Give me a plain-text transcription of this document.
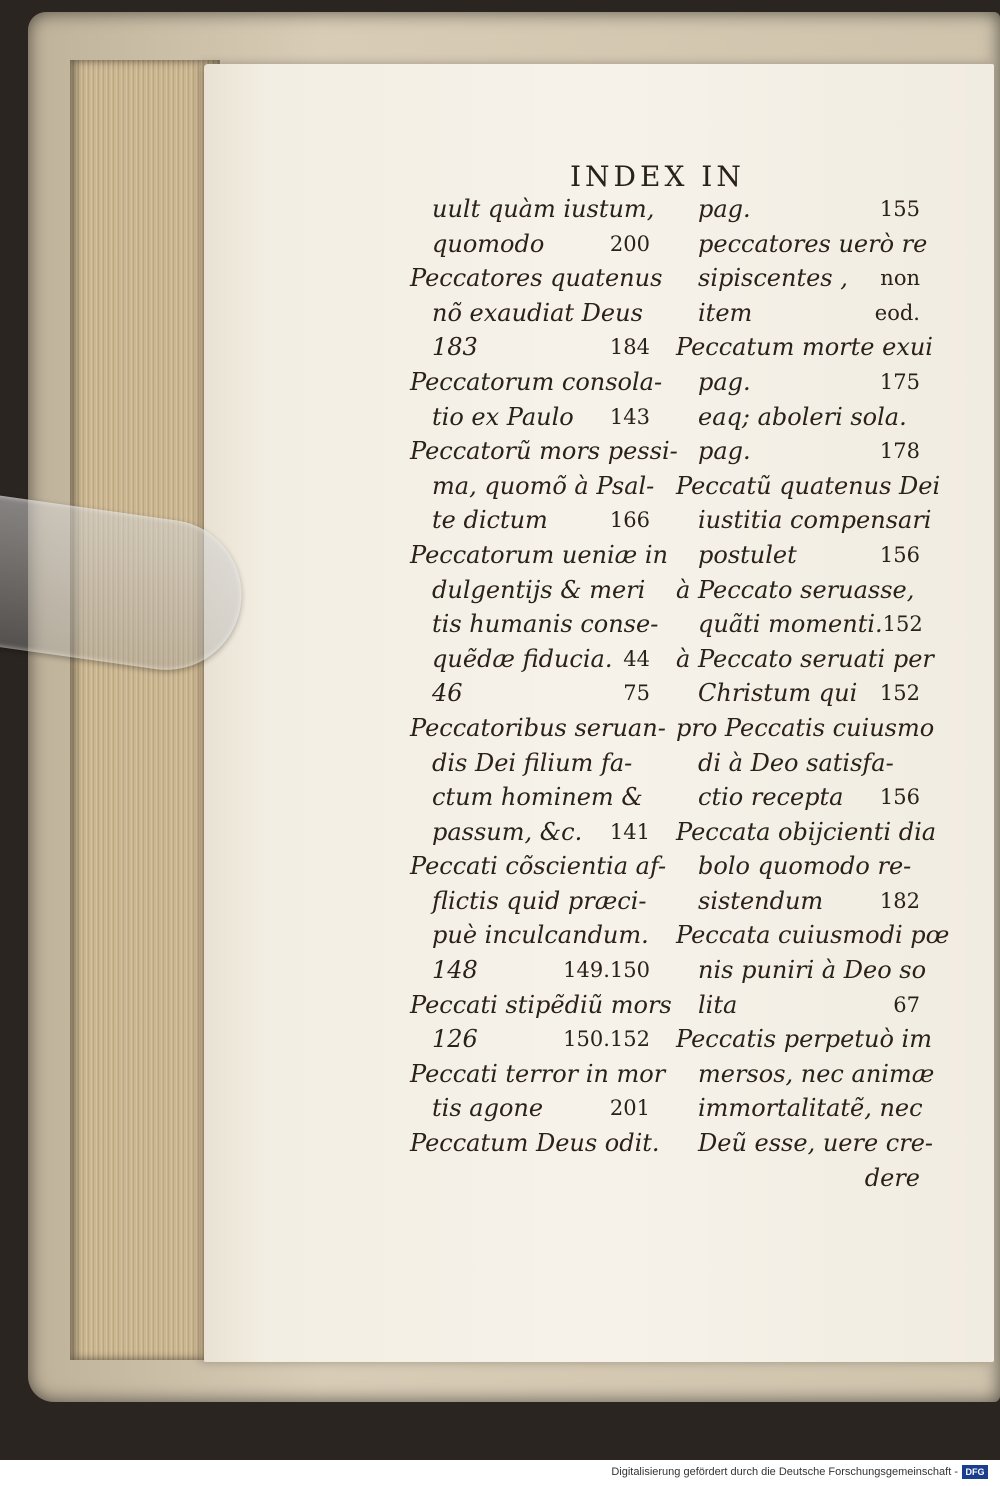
INDEX IN
uult quàm iustum,
quomodo	200
Peccatores quatenus
nõ exaudiat Deus
183	184
Peccatorum consola-
tio ex Paulo 143
Peccatorũ mors pessi-
ma, quomõ à Psal-
te dictum	166
Peccatorum ueniæ in
dulgentijs & meri
tis humanis conse-
quẽdæ fiducia. 44
46	75
Peccatoribus seruan-
dis Dei filium fa-
ctum hominem &
passum, &c. 141
Peccati cõscientia af-
flictis quid præci-
puè inculcandum.
148	149.150
Peccati stipẽdiũ mors
126	150.152
Peccati terror in mor
tis agone	201
Peccatum Deus odit.
pag.	155
peccatores uerò re
sipiscentes , non
item	eod.
Peccatum morte exui
pag.	175
eaq; aboleri sola.
pag.	178
Peccatũ quatenus Dei
iustitia compensari
postulet	156
à Peccato seruasse,
quãti momenti. 152
à Peccato seruati per
Christum qui 152
pro Peccatis cuiusmo
di à Deo satisfa-
ctio recepta 156
Peccata obijcienti dia
bolo quomodo re-
sistendum	182
Peccata cuiusmodi pœ
nis puniri à Deo so
lita	67
Peccatis perpetuò im
mersos, nec animæ
immortalitatẽ, nec
Deũ esse, uere cre-
dere
Digitalisierung gefördert durch die Deutsche Forschungsgemeinschaft - DFG
